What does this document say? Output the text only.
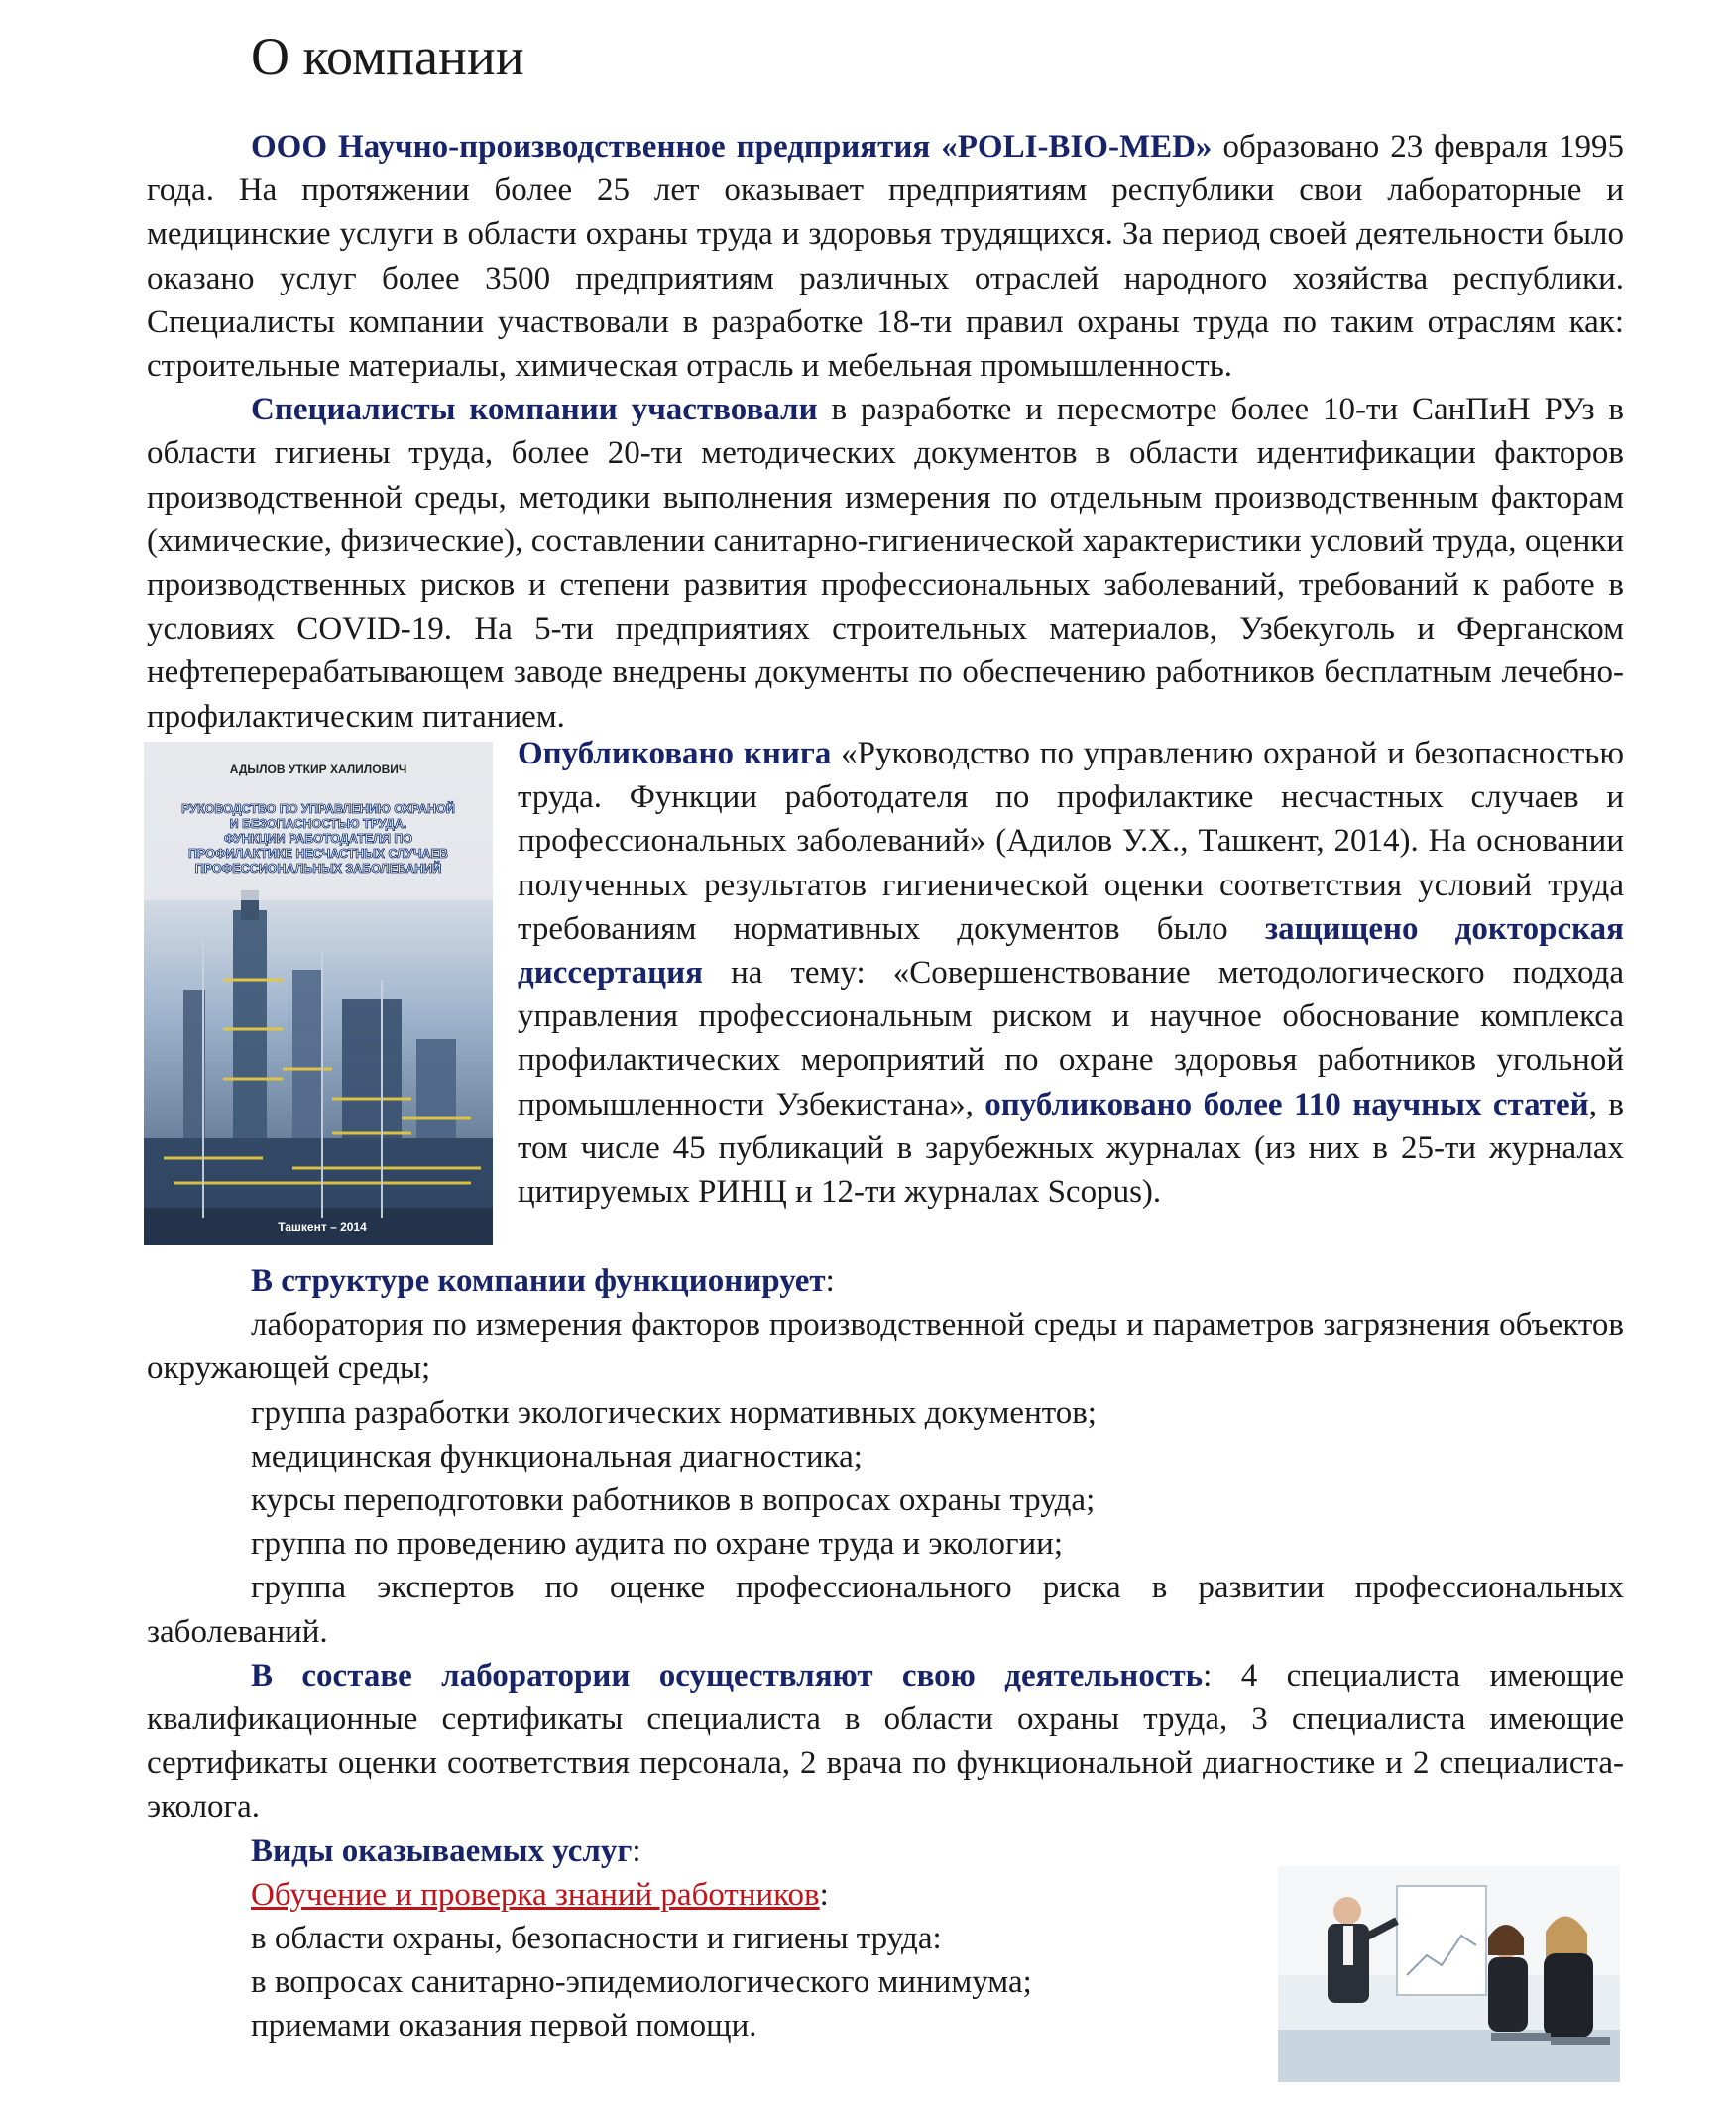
О компании

ООО Научно-производственное предприятия «POLI-BIO-MED» образовано 23 февраля 1995 года. На протяжении более 25 лет оказывает предприятиям республики свои лабораторные и медицинские услуги в области охраны труда и здоровья трудящихся. За период своей деятельности было оказано услуг более 3500 предприятиям различных отраслей народного хозяйства республики. Специалисты компании участвовали в разработке 18-ти правил охраны труда по таким отраслям как: строительные материалы, химическая отрасль и мебельная промышленность.

Специалисты компании участвовали в разработке и пересмотре более 10-ти СанПиН РУз в области гигиены труда, более 20-ти методических документов в области идентификации факторов производственной среды, методики выполнения измерения по отдельным производственным факторам (химические, физические), составлении санитарно-гигиенической характеристики условий труда, оценки производственных рисков и степени развития профессиональных заболеваний, требований к работе в условиях COVID-19. На 5-ти предприятиях строительных материалов, Узбекуголь и Ферганском нефтеперерабатывающем заводе внедрены документы по обеспечению работников бесплатным лечебно-профилактическим питанием.

АДЫЛОВ УТКИР ХАЛИЛОВИЧ
РУКОВОДСТВО ПО УПРАВЛЕНИЮ ОХРАНОЙ
И БЕЗОПАСНОСТЬЮ ТРУДА.
ФУНКЦИИ РАБОТОДАТЕЛЯ ПО
ПРОФИЛАКТИКЕ НЕСЧАСТНЫХ СЛУЧАЕВ
ПРОФЕССИОНАЛЬНЫХ ЗАБОЛЕВАНИЙ
Ташкент – 2014

Опубликовано книга «Руководство по управлению охраной и безопасностью труда. Функции работодателя по профилактике несчастных случаев и профессиональных заболеваний» (Адилов У.Х., Ташкент, 2014). На основании полученных результатов гигиенической оценки соответствия условий труда требованиям нормативных документов было защищено докторская диссертация на тему: «Совершенствование методологического подхода управления профессиональным риском и научное обоснование комплекса профилактических мероприятий по охране здоровья работников угольной промышленности Узбекистана», опубликовано более 110 научных статей, в том числе 45 публикаций в зарубежных журналах (из них в 25-ти журналах цитируемых РИНЦ и 12-ти журналах Scopus).

В структуре компании функционирует:

лаборатория по измерения факторов производственной среды и параметров загрязнения объектов окружающей среды;

группа разработки экологических нормативных документов;

медицинская функциональная диагностика;

курсы переподготовки работников в вопросах охраны труда;

группа по проведению аудита по охране труда и экологии;

группа экспертов по оценке профессионального риска в развитии профессиональных заболеваний.

В составе лаборатории осуществляют свою деятельность: 4 специалиста имеющие квалификационные сертификаты специалиста в области охраны труда, 3 специалиста имеющие сертификаты оценки соответствия персонала, 2 врача по функциональной диагностике и 2 специалиста-эколога.

Виды оказываемых услуг:

Обучение и проверка знаний работников:

в области охраны, безопасности и гигиены труда:

в вопросах санитарно-эпидемиологического минимума;

приемами оказания первой помощи.
